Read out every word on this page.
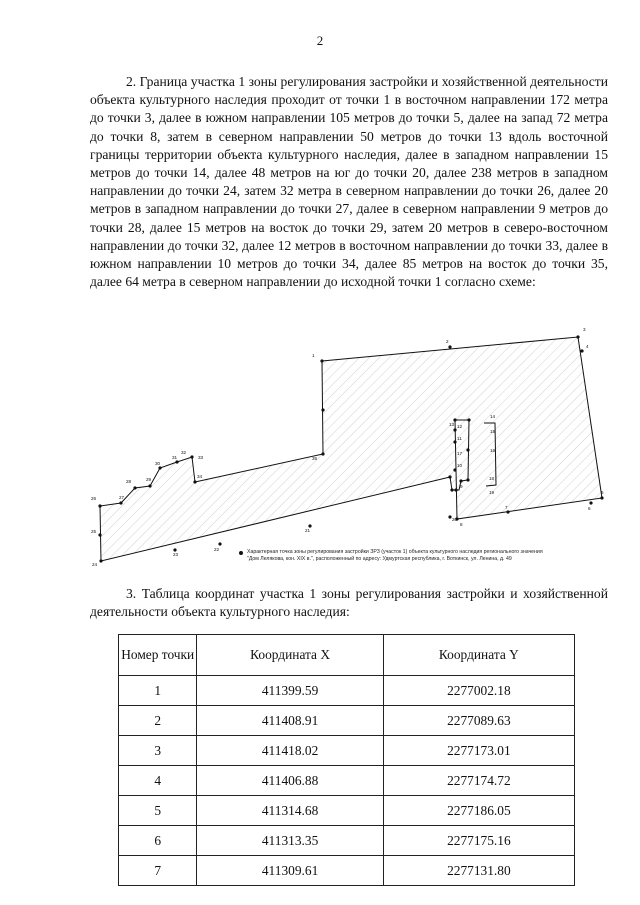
2

2. Граница участка 1 зоны регулирования застройки и хозяйственной деятельности объекта культурного наследия проходит от точки 1 в восточном направлении 172 метра до точки 3, далее в южном направлении 105 метров до точки 5, далее на запад 72 метра до точки 8, затем в северном направлении 50 метров до точки 13 вдоль восточной границы территории объекта культурного наследия, далее в западном направлении 15 метров до точки 14, далее 48 метров на юг до точки 20, далее 238 метров в западном направлении до точки 24, затем 32 метра в северном направлении до точки 26, далее 20 метров в западном направлении до точки 27, далее в северном направлении 9 метров до точки 28, далее 15 метров на восток до точки 29, затем 20 метров в северо-восточном направлении до точки 32, далее 12 метров в восточном направлении до точки 33, далее в южном направлении 10 метров до точки 34, далее 85 метров на восток до точки 35, далее 64 метра в северном направлении до исходной точки 1 согласно схеме:

1
2
3
4
5
6
7
8
9
10
11
12
13
14
15
16
17
18
19
20
21
22
23
24
25
26	27
28	29
30
31
32
33
34
35
Характерная точка зоны регулирования застройки ЗРЗ (участок 1) объекта культурного наследия регионального значения
"Дом Лелякова, кон. XIX в.", расположенный по адресу: Удмуртская республика, г. Воткинск, ул. Ленина, д. 49

3. Таблица координат участка 1 зоны регулирования застройки и хозяйственной деятельности объекта культурного наследия:

Номер точки	Координата X	Координата Y
1	411399.59	2277002.18
2	411408.91	2277089.63
3	411418.02	2277173.01
4	411406.88	2277174.72
5	411314.68	2277186.05
6	411313.35	2277175.16
7	411309.61	2277131.80
